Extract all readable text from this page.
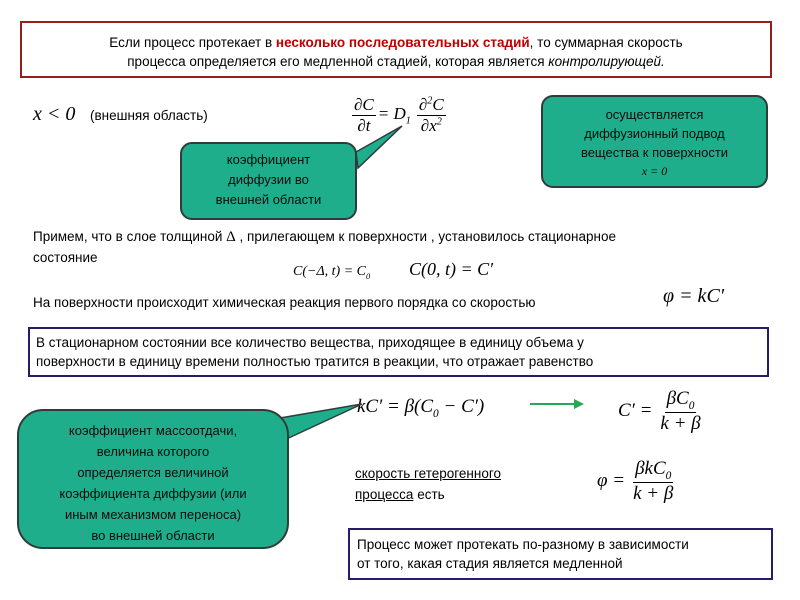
Если процесс протекает в несколько последовательных стадий, то суммарная скорость
процесса определяется его медленной стадией, которая является контролирующей.
x < 0 (внешняя область)	$\frac{\partial C}{\partial t} = D_1 \frac{\partial^2C}{\partial x^2}$
коэффициент
диффузии во
внешней области
осуществляется
диффузионный подвод
вещества к поверхности
x = 0
Примем, что в слое толщиной Δ , прилегающем к поверхности , установилось стационарное
состояние
C(−Δ, $t) = C_0$ C(0, t) = C′
На поверхности происходит химическая реакция первого порядка со скоростью	φ = kC′
В стационарном состоянии все количество вещества, приходящее в единицу объема у
поверхности в единицу времени полностью тратится в реакции, что отражает равенство
$kC' = \beta(C_0 - C')$	$C' = \frac{\beta C_0}{k + \beta}$
коэффициент массоотдачи,
величина которого
определяется величиной
коэффициента диффузии (или
иным механизмом переноса)
во внешней области
скорость гетерогенного
процесса есть
$\varphi = \frac{\beta kC_0}{k + \beta}$
Процесс может протекать по-разному в зависимости
от того, какая стадия является медленной
